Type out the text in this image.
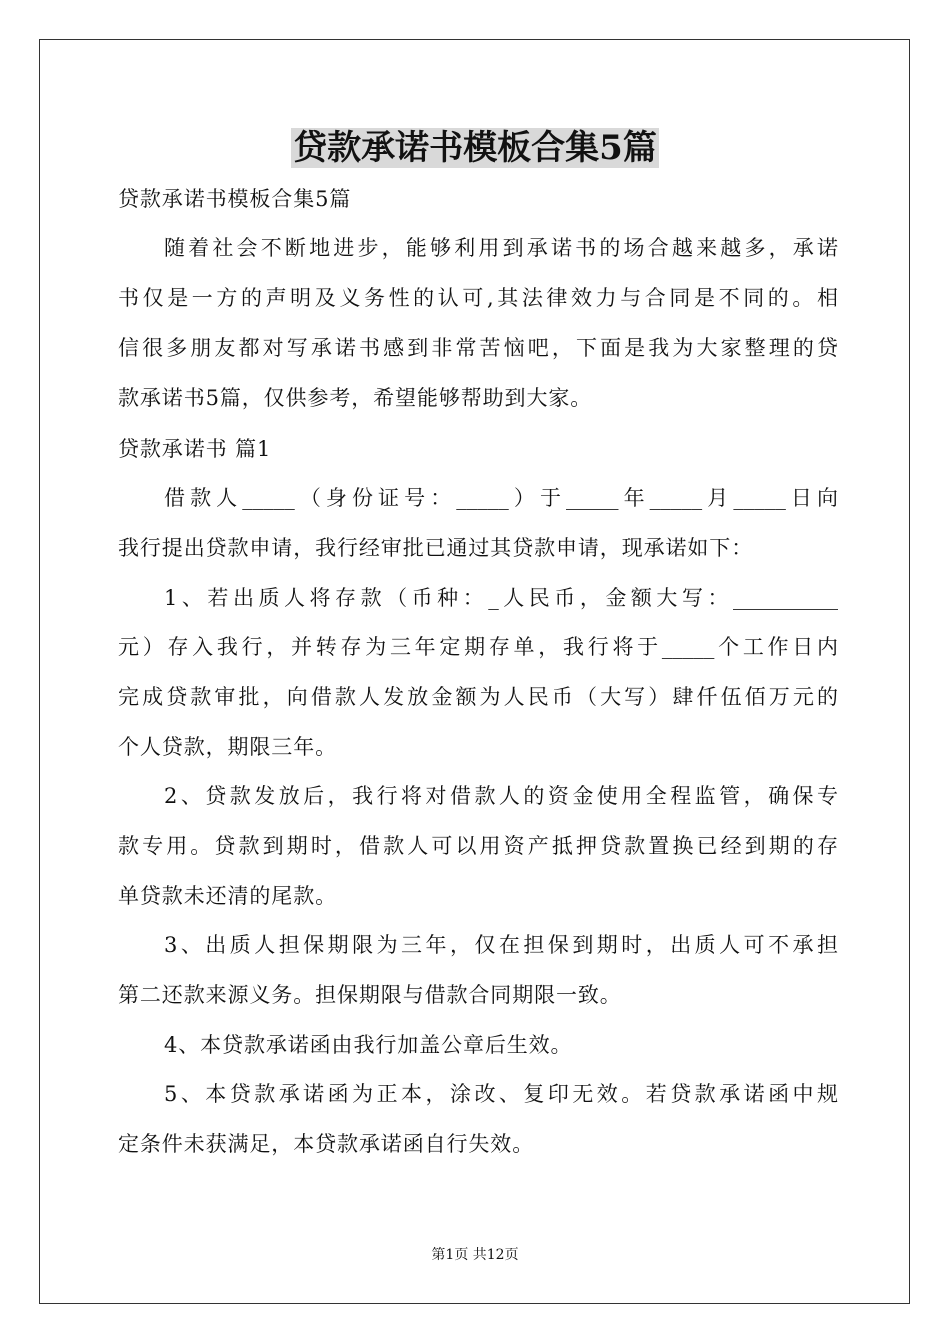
贷款承诺书模板合集5篇
贷款承诺书模板合集5篇
随着社会不断地进步，能够利用到承诺书的场合越来越多，承诺
书仅是一方的声明及义务性的认可,其法律效力与合同是不同的。相
信很多朋友都对写承诺书感到非常苦恼吧，下面是我为大家整理的贷
款承诺书5篇，仅供参考，希望能够帮助到大家。
贷款承诺书 篇1
借款人_____（身份证号：_____）于_____年_____月_____日向
我行提出贷款申请，我行经审批已通过其贷款申请，现承诺如下：
1、若出质人将存款（币种：_人民币，金额大写：__________
元）存入我行，并转存为三年定期存单，我行将于_____个工作日内
完成贷款审批，向借款人发放金额为人民币（大写）肆仟伍佰万元的
个人贷款，期限三年。
2、贷款发放后，我行将对借款人的资金使用全程监管，确保专
款专用。贷款到期时，借款人可以用资产抵押贷款置换已经到期的存
单贷款未还清的尾款。
3、出质人担保期限为三年，仅在担保到期时，出质人可不承担
第二还款来源义务。担保期限与借款合同期限一致。
4、本贷款承诺函由我行加盖公章后生效。
5、本贷款承诺函为正本，涂改、复印无效。若贷款承诺函中规
定条件未获满足，本贷款承诺函自行失效。
第1页 共12页
